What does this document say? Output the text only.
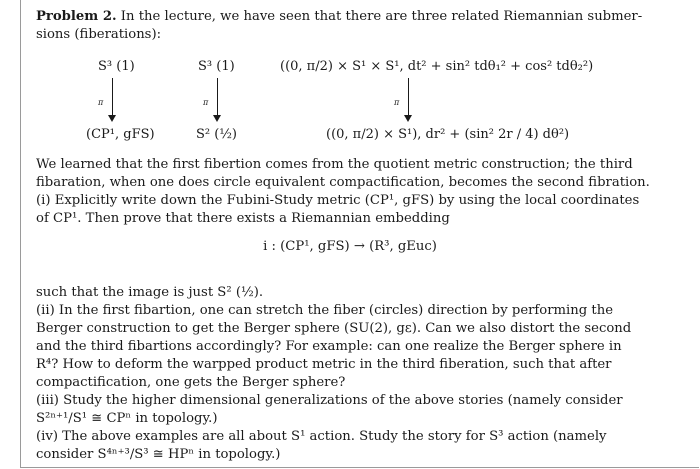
Problem 2. In the lecture, we have seen that there are three related Riemannian submer-

sions (fiberations):

S³ (1)
π
(CP¹, gFS)
S³ (1)
π
S² (½)
((0, π/2) × S¹ × S¹, dt² + sin² tdθ₁² + cos² tdθ₂²)
π
((0, π/2) × S¹), dr² + (sin² 2r / 4) dθ²)

We learned that the first fibertion comes from the quotient metric construction; the third

fibaration, when one does circle equivalent compactification, becomes the second fibration.

(i) Explicitly write down the Fubini-Study metric (CP¹, gFS) by using the local coordinates

of CP¹. Then prove that there exists a Riemannian embedding

i : (CP¹, gFS) → (R³, gEuc)

such that the image is just S² (½).

(ii) In the first fibartion, one can stretch the fiber (circles) direction by performing the

Berger construction to get the Berger sphere (SU(2), gε). Can we also distort the second

and the third fibartions accordingly? For example: can one realize the Berger sphere in

R⁴? How to deform the warpped product metric in the third fiberation, such that after

compactification, one gets the Berger sphere?

(iii) Study the higher dimensional generalizations of the above stories (namely consider

S²ⁿ⁺¹/S¹ ≅ CPⁿ in topology.)

(iv) The above examples are all about S¹ action. Study the story for S³ action (namely

consider S⁴ⁿ⁺³/S³ ≅ HPⁿ in topology.)
